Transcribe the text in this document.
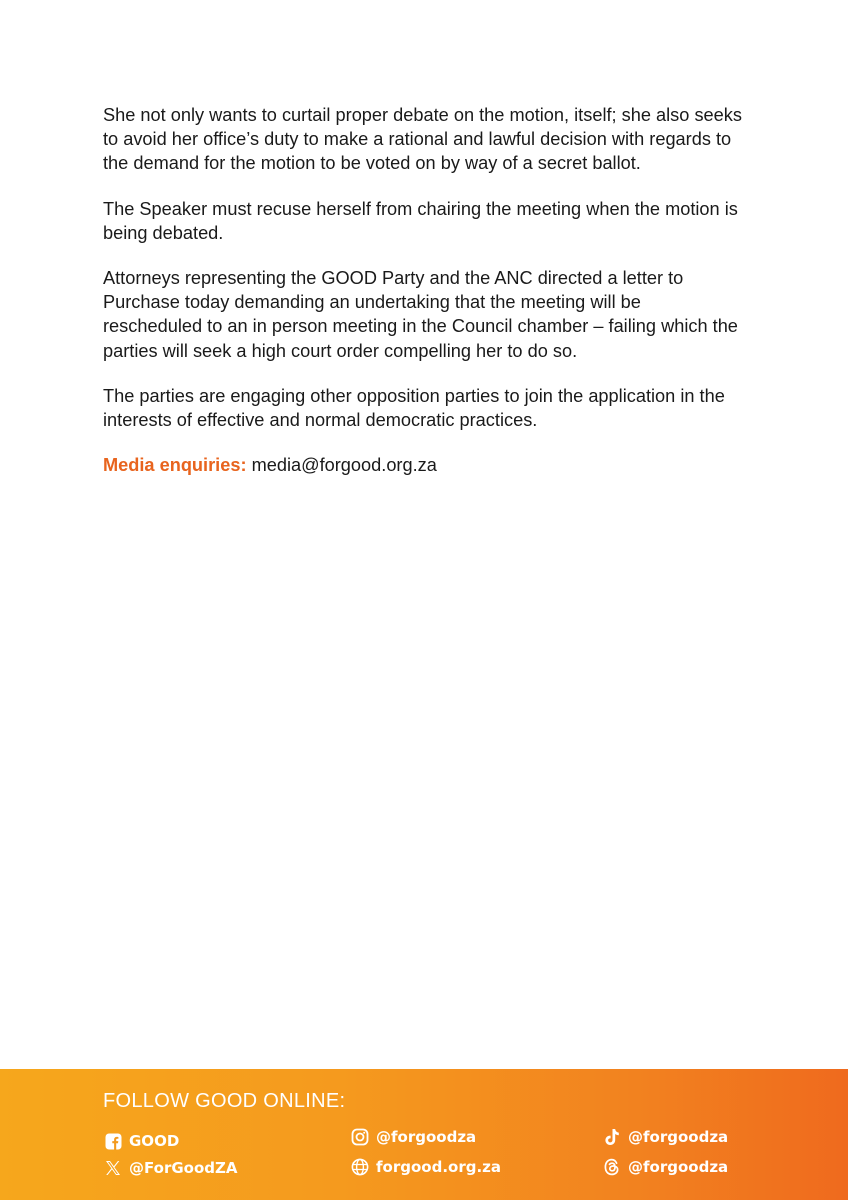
She not only wants to curtail proper debate on the motion, itself; she also seeks to avoid her office’s duty to make a rational and lawful decision with regards to the demand for the motion to be voted on by way of a secret ballot.

The Speaker must recuse herself from chairing the meeting when the motion is being debated.

Attorneys representing the GOOD Party and the ANC directed a letter to Purchase today demanding an undertaking that the meeting will be rescheduled to an in person meeting in the Council chamber – failing which the parties will seek a high court order compelling her to do so.

The parties are engaging other opposition parties to join the application in the interests of effective and normal democratic practices.

Media enquiries: media@forgood.org.za

FOLLOW GOOD ONLINE:
GOOD
@ForGoodZA
@forgoodza
forgood.org.za
@forgoodza
@forgoodza
